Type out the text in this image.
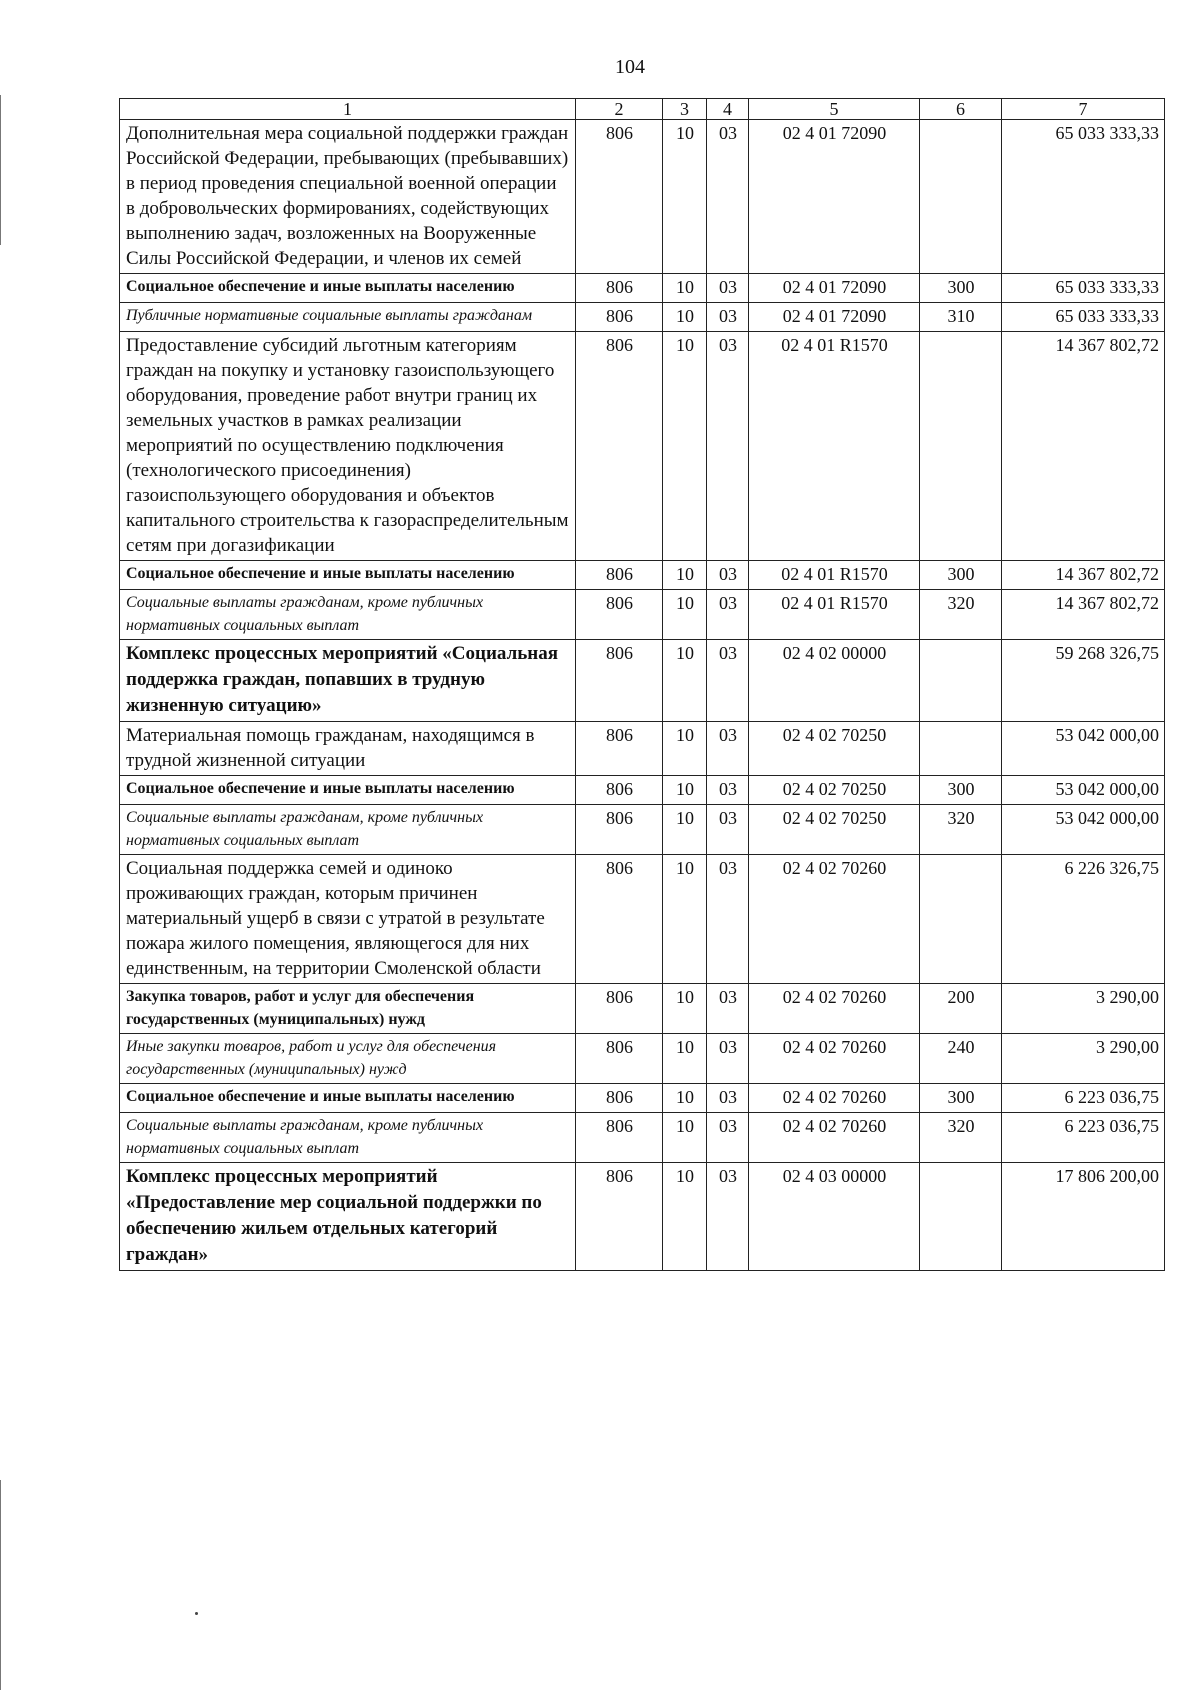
104
1	2	3	4	5	6	7
Дополнительная мера социальной поддержки граждан Российской Федерации, пребывающих (пребывавших) в период проведения специальной военной операции в добровольческих формированиях, содействующих выполнению задач, возложенных на Вооруженные Силы Российской Федерации, и членов их семей	806	10	03	02 4 01 72090		65 033 333,33
Социальное обеспечение и иные выплаты населению	806	10	03	02 4 01 72090	300	65 033 333,33
Публичные нормативные социальные выплаты гражданам	806	10	03	02 4 01 72090	310	65 033 333,33
Предоставление субсидий льготным категориям граждан на покупку и установку газоиспользующего оборудования, проведение работ внутри границ их земельных участков в рамках реализации мероприятий по осуществлению подключения (технологического присоединения) газоиспользующего оборудования и объектов капитального строительства к газораспределительным сетям при догазификации	806	10	03	02 4 01 R1570		14 367 802,72
Социальное обеспечение и иные выплаты населению	806	10	03	02 4 01 R1570	300	14 367 802,72
Социальные выплаты гражданам, кроме публичных нормативных социальных выплат	806	10	03	02 4 01 R1570	320	14 367 802,72
Комплекс процессных мероприятий «Социальная поддержка граждан, попавших в трудную жизненную ситуацию»	806	10	03	02 4 02 00000		59 268 326,75
Материальная помощь гражданам, находящимся в трудной жизненной ситуации	806	10	03	02 4 02 70250		53 042 000,00
Социальное обеспечение и иные выплаты населению	806	10	03	02 4 02 70250	300	53 042 000,00
Социальные выплаты гражданам, кроме публичных нормативных социальных выплат	806	10	03	02 4 02 70250	320	53 042 000,00
Социальная поддержка семей и одиноко проживающих граждан, которым причинен материальный ущерб в связи с утратой в результате пожара жилого помещения, являющегося для них единственным, на территории Смоленской области	806	10	03	02 4 02 70260		6 226 326,75
Закупка товаров, работ и услуг для обеспечения государственных (муниципальных) нужд	806	10	03	02 4 02 70260	200	3 290,00
Иные закупки товаров, работ и услуг для обеспечения государственных (муниципальных) нужд	806	10	03	02 4 02 70260	240	3 290,00
Социальное обеспечение и иные выплаты населению	806	10	03	02 4 02 70260	300	6 223 036,75
Социальные выплаты гражданам, кроме публичных нормативных социальных выплат	806	10	03	02 4 02 70260	320	6 223 036,75
Комплекс процессных мероприятий «Предоставление мер социальной поддержки по обеспечению жильем отдельных категорий граждан»	806	10	03	02 4 03 00000		17 806 200,00
